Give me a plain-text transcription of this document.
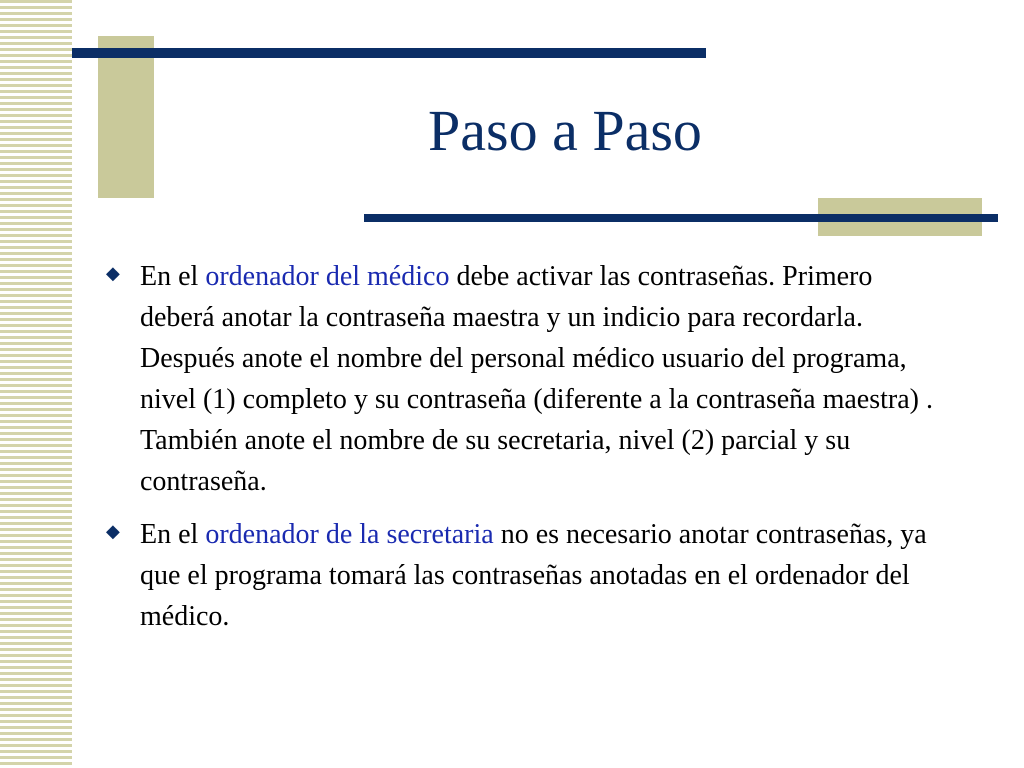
Paso a Paso
◆ En el ordenador del médico debe activar las contraseñas. Primero deberá anotar la contraseña maestra y un indicio para recordarla. Después anote el nombre del personal médico usuario del programa, nivel (1) completo y su contraseña (diferente a la contraseña maestra) . También anote el nombre de su secretaria, nivel (2) parcial y su contraseña.
◆ En el ordenador de la secretaria no es necesario anotar contraseñas, ya que el programa tomará las contraseñas anotadas en el ordenador del médico.
